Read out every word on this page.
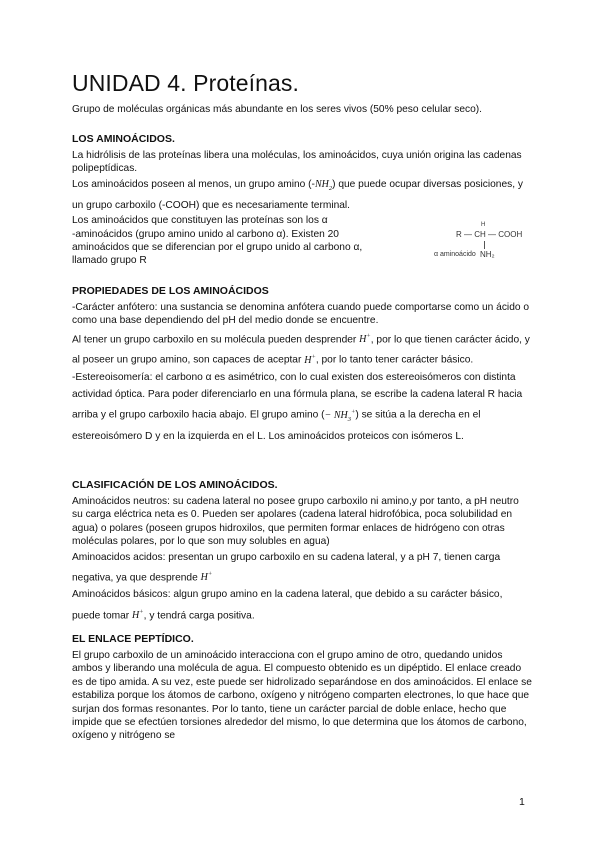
UNIDAD 4. Proteínas.
Grupo de moléculas orgánicas más abundante en los seres vivos (50% peso celular seco).
LOS AMINOÁCIDOS.

La hidrólisis de las proteínas libera una moléculas, los aminoácidos, cuya unión origina las cadenas polipeptídicas.

Los aminoácidos poseen al menos, un grupo amino $(-NH_2)$ que puede ocupar diversas posiciones, y un grupo carboxilo (-COOH) que es necesariamente terminal.

Los aminoácidos que constituyen las proteínas son los α
-aminoácidos (grupo amino unido al carbono α). Existen 20 aminoácidos que se diferencian por el grupo unido al carbono α, llamado grupo R

R
H
— CH — COOH
NH₂
α aminoácido
PROPIEDADES DE LOS AMINOÁCIDOS

-Carácter anfótero: una sustancia se denomina anfótera cuando puede comportarse como un ácido o como una base dependiendo del pH del medio donde se encuentre.

Al tener un grupo carboxilo en su molécula pueden desprender H+, por lo que tienen carácter ácido, y al poseer un grupo amino, son capaces de aceptar H+, por lo tanto tener carácter básico.

-Estereoisomería: el carbono α es asimétrico, con lo cual existen dos estereoisómeros con distinta actividad óptica. Para poder diferenciarlo en una fórmula plana, se escribe la cadena lateral R hacia arriba y el grupo carboxilo hacia abajo. El grupo amino (− $NH_3^+$) se sitúa a la derecha en el estereoisómero D y en la izquierda en el L. Los aminoácidos proteicos con isómeros L.

CLASIFICACIÓN DE LOS AMINOÁCIDOS.

Aminoácidos neutros: su cadena lateral no posee grupo carboxilo ni amino,y por tanto, a pH neutro su carga eléctrica neta es 0. Pueden ser apolares (cadena lateral hidrofóbica, poca solubilidad en agua) o polares (poseen grupos hidroxilos, que permiten formar enlaces de hidrógeno con otras moléculas polares, por lo que son muy solubles en agua)

Aminoacidos acidos: presentan un grupo carboxilo en su cadena lateral, y a pH 7, tienen carga negativa, ya que desprende H+

Aminoácidos básicos: algun grupo amino en la cadena lateral, que debido a su carácter básico, puede tomar H+, y tendrá carga positiva.

EL ENLACE PEPTÍDICO.

El grupo carboxilo de un aminoácido interacciona con el grupo amino de otro, quedando unidos ambos y liberando una molécula de agua. El compuesto obtenido es un dipéptido. El enlace creado es de tipo amida. A su vez, este puede ser hidrolizado separándose en dos aminoácidos. El enlace se estabiliza porque los átomos de carbono, oxígeno y nitrógeno comparten electrones, lo que hace que surjan dos formas resonantes. Por lo tanto, tiene un carácter parcial de doble enlace, hecho que impide que se efectúen torsiones alrededor del mismo, lo que determina que los átomos de carbono, oxígeno y nitrógeno se

1
